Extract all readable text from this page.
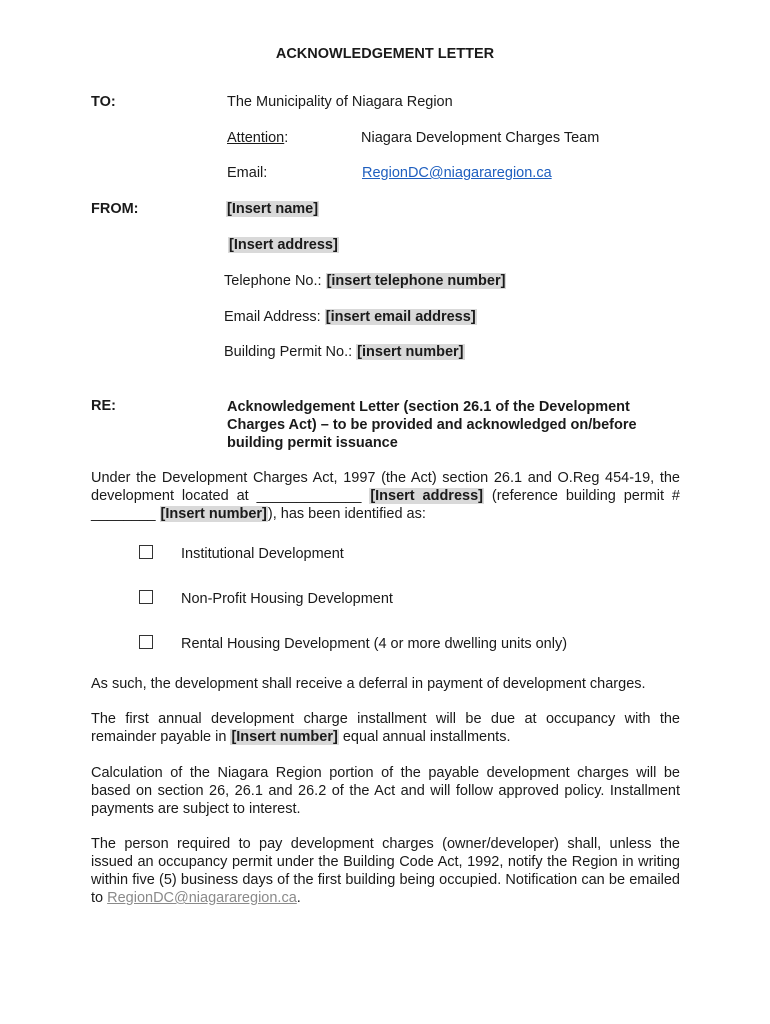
ACKNOWLEDGEMENT LETTER
TO:	The Municipality of Niagara Region
Attention:	Niagara Development Charges Team
Email:	RegionDC@niagararegion.ca
FROM:	[Insert name]
[Insert address]
Telephone No.: [insert telephone number]
Email Address: [insert email address]
Building Permit No.: [insert number]
RE:	Acknowledgement Letter (section 26.1 of the Development Charges Act) – to be provided and acknowledged on/before building permit issuance
Under the Development Charges Act, 1997 (the Act) section 26.1 and O.Reg 454-19, the development located at _____________ [Insert address] (reference building permit # ________ [Insert number]), has been identified as:
Institutional Development
Non-Profit Housing Development
Rental Housing Development (4 or more dwelling units only)
As such, the development shall receive a deferral in payment of development charges.
The first annual development charge installment will be due at occupancy with the remainder payable in [Insert number] equal annual installments.
Calculation of the Niagara Region portion of the payable development charges will be based on section 26, 26.1 and 26.2 of the Act and will follow approved policy. Installment payments are subject to interest.
The person required to pay development charges (owner/developer) shall, unless the issued an occupancy permit under the Building Code Act, 1992, notify the Region in writing within five (5) business days of the first building being occupied. Notification can be emailed to RegionDC@niagararegion.ca.
